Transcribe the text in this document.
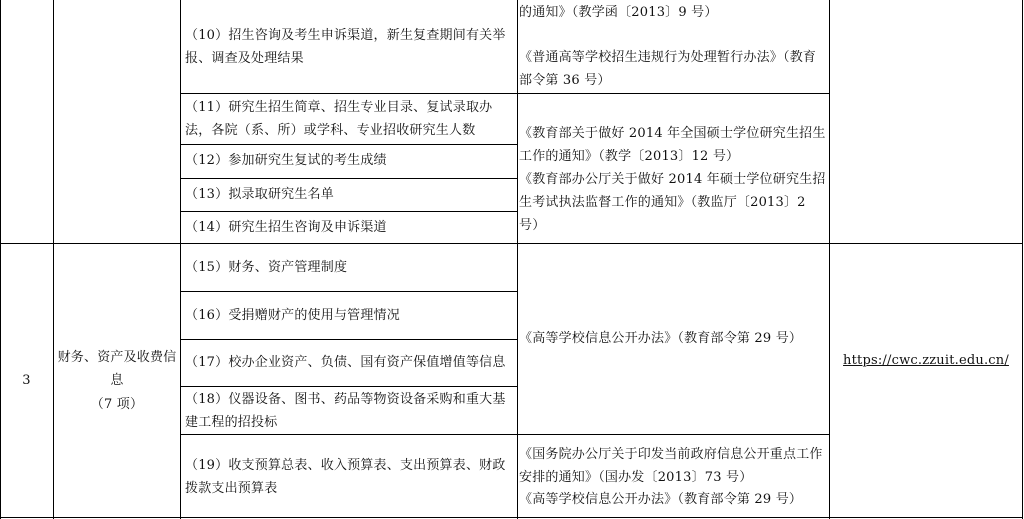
（10）招生咨询及考生申诉渠道，新生复查期间有关举报、调查及处理结果
（11）研究生招生简章、招生专业目录、复试录取办法，各院（系、所）或学科、专业招收研究生人数
（12）参加研究生复试的考生成绩
（13）拟录取研究生名单
（14）研究生招生咨询及申诉渠道
的通知》（教学函〔2013〕9 号）
《普通高等学校招生违规行为处理暂行办法》（教育部令第 36 号）
《教育部关于做好 2014 年全国硕士学位研究生招生工作的通知》（教学〔2013〕12 号）
《教育部办公厅关于做好 2014 年硕士学位研究生招生考试执法监督工作的通知》（教监厅〔2013〕2 号）
3
财务、资产及收费信息
（7 项）
（15）财务、资产管理制度
（16）受捐赠财产的使用与管理情况
（17）校办企业资产、负债、国有资产保值增值等信息
（18）仪器设备、图书、药品等物资设备采购和重大基建工程的招投标
（19）收支预算总表、收入预算表、支出预算表、财政拨款支出预算表
《高等学校信息公开办法》（教育部令第 29 号）
《国务院办公厅关于印发当前政府信息公开重点工作安排的通知》（国办发〔2013〕73 号）
《高等学校信息公开办法》（教育部令第 29 号）
https://cwc.zzuit.edu.cn/
